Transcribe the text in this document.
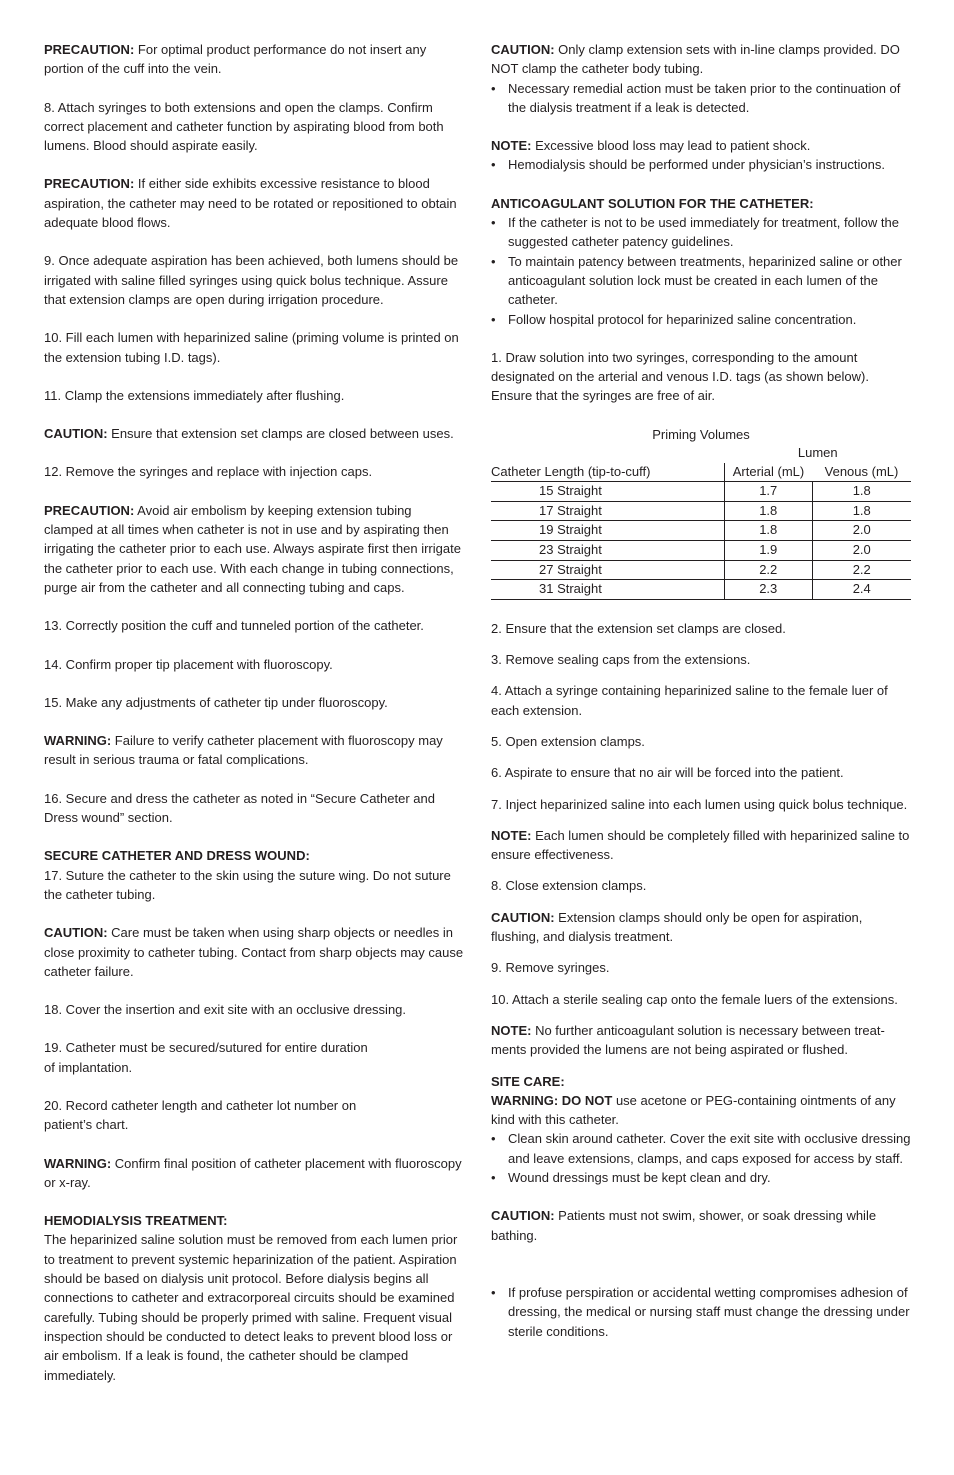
PRECAUTION: For optimal product performance do not insert any portion of the cuff into the vein.

8. Attach syringes to both extensions and open the clamps. Confirm correct placement and catheter function by aspirating blood from both lumens. Blood should aspirate easily.

PRECAUTION: If either side exhibits excessive resistance to blood aspiration, the catheter may need to be rotated or repositioned to obtain adequate blood flows.

9. Once adequate aspiration has been achieved, both lumens should be irrigated with saline filled syringes using quick bolus technique. Assure that extension clamps are open during irrigation procedure.

10. Fill each lumen with heparinized saline (priming volume is printed on the extension tubing I.D. tags).

11. Clamp the extensions immediately after flushing.

CAUTION: Ensure that extension set clamps are closed between uses.

12. Remove the syringes and replace with injection caps.

PRECAUTION: Avoid air embolism by keeping extension tubing clamped at all times when catheter is not in use and by aspirating then irrigating the catheter prior to each use. Always aspirate first then irrigate the catheter prior to each use. With each change in tubing connections, purge air from the catheter and all connecting tubing and caps.

13. Correctly position the cuff and tunneled portion of the catheter.

14. Confirm proper tip placement with fluoroscopy.

15. Make any adjustments of catheter tip under fluoroscopy.

WARNING: Failure to verify catheter placement with fluoroscopy may result in serious trauma or fatal complications.

16. Secure and dress the catheter as noted in “Secure Catheter and Dress wound” section.

SECURE CATHETER AND DRESS WOUND:

17. Suture the catheter to the skin using the suture wing. Do not suture the catheter tubing.

CAUTION: Care must be taken when using sharp objects or needles in close proximity to catheter tubing. Contact from sharp objects may cause catheter failure.

18. Cover the insertion and exit site with an occlusive dressing.

19. Catheter must be secured/sutured for entire duration
of implantation.

20. Record catheter length and catheter lot number on
patient’s chart.

WARNING: Confirm final position of catheter placement with fluoroscopy or x-ray.

HEMODIALYSIS TREATMENT:

The heparinized saline solution must be removed from each lumen prior to treatment to prevent systemic heparinization of the patient. Aspiration should be based on dialysis unit protocol. Before dialysis begins all connections to catheter and extracorporeal circuits should be examined carefully. Tubing should be properly primed with saline. Frequent visual inspection should be conducted to detect leaks to prevent blood loss or air embolism. If a leak is found, the catheter should be clamped immediately.

CAUTION: Only clamp extension sets with in-line clamps provided. DO NOT clamp the catheter body tubing.

• Necessary remedial action must be taken prior to the continuation of the dialysis treatment if a leak is detected.

NOTE: Excessive blood loss may lead to patient shock.

• Hemodialysis should be performed under physician’s instructions.

ANTICOAGULANT SOLUTION FOR THE CATHETER:

• If the catheter is not to be used immediately for treatment, follow the suggested catheter patency guidelines.
• To maintain patency between treatments, heparinized saline or other anticoagulant solution lock must be created in each lumen of the catheter.
• Follow hospital protocol for heparinized saline concentration.

1. Draw solution into two syringes, corresponding to the amount designated on the arterial and venous I.D. tags (as shown below). Ensure that the syringes are free of air.

Priming Volumes
	Lumen	
Catheter Length (tip-to-cuff)	Arterial (mL)	Venous (mL)
15 Straight	1.7	1.8
17 Straight	1.8	1.8
19 Straight	1.8	2.0
23 Straight	1.9	2.0
27 Straight	2.2	2.2
31 Straight	2.3	2.4

2. Ensure that the extension set clamps are closed.

3. Remove sealing caps from the extensions.

4. Attach a syringe containing heparinized saline to the female luer of each extension.

5. Open extension clamps.

6. Aspirate to ensure that no air will be forced into the patient.

7. Inject heparinized saline into each lumen using quick bolus technique.

NOTE: Each lumen should be completely filled with heparinized saline to ensure effectiveness.

8. Close extension clamps.

CAUTION: Extension clamps should only be open for aspiration, flushing, and dialysis treatment.

9. Remove syringes.

10. Attach a sterile sealing cap onto the female luers of the extensions.

NOTE: No further anticoagulant solution is necessary between treat-ments provided the lumens are not being aspirated or flushed.

SITE CARE:

WARNING: DO NOT use acetone or PEG-containing ointments of any kind with this catheter.

• Clean skin around catheter. Cover the exit site with occlusive dressing and leave extensions, clamps, and caps exposed for access by staff.
• Wound dressings must be kept clean and dry.

CAUTION: Patients must not swim, shower, or soak dressing while bathing.

• If profuse perspiration or accidental wetting compromises adhesion of dressing, the medical or nursing staff must change the dressing under sterile conditions.
